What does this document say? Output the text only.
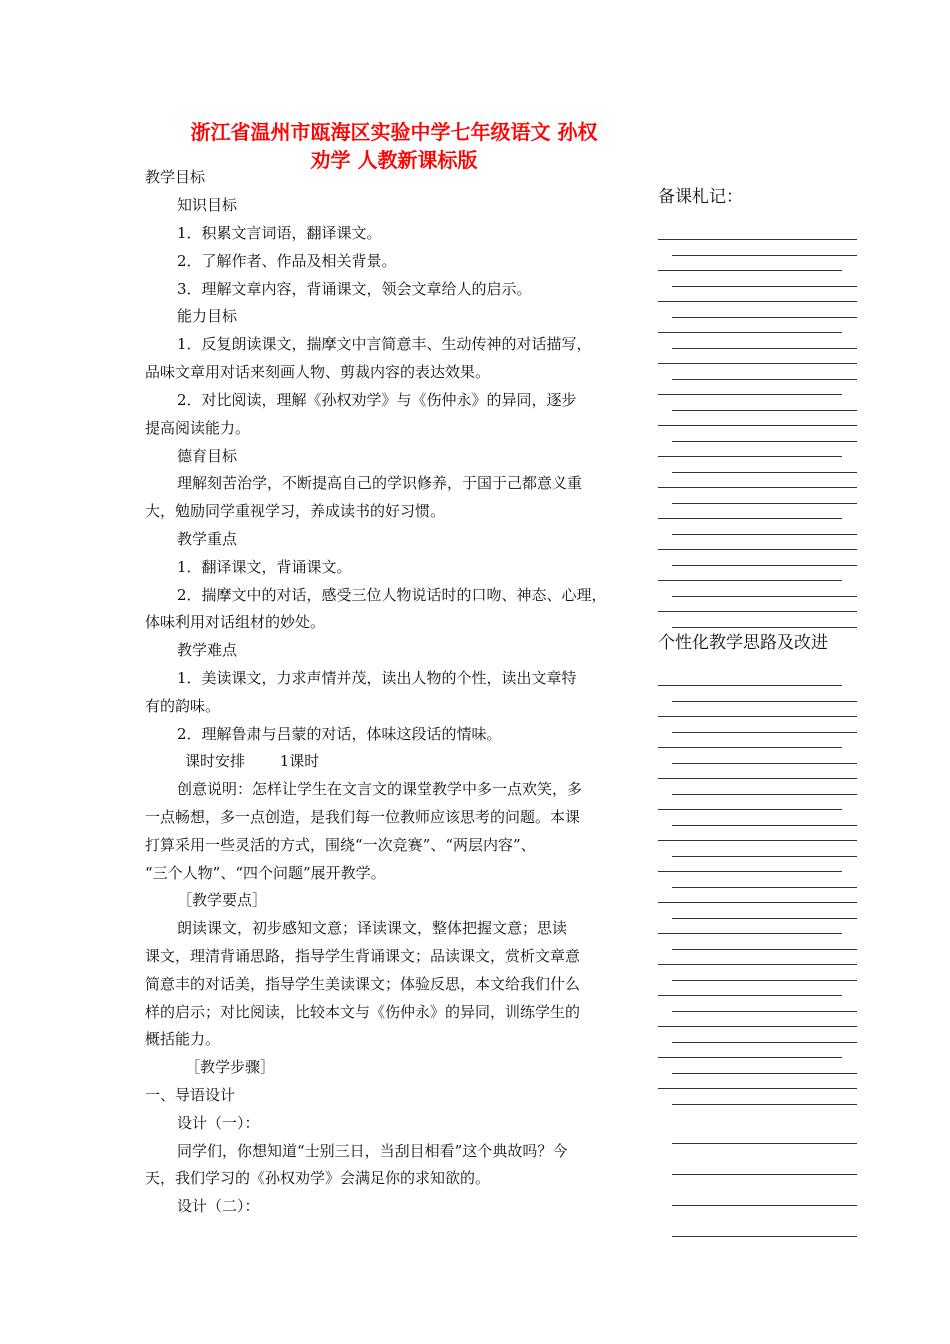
浙江省温州市瓯海区实验中学七年级语文 孙权
劝学 人教新课标版
教学目标
知识目标
1．积累文言词语，翻译课文。
2．了解作者、作品及相关背景。
3．理解文章内容，背诵课文，领会文章给人的启示。
能力目标
1．反复朗读课文，揣摩文中言简意丰、生动传神的对话描写，
品味文章用对话来刻画人物、剪裁内容的表达效果。
2．对比阅读，理解《孙权劝学》与《伤仲永》的异同，逐步
提高阅读能力。
德育目标
理解刻苦治学，不断提高自己的学识修养，于国于己都意义重
大，勉励同学重视学习，养成读书的好习惯。
教学重点
1．翻译课文，背诵课文。
2．揣摩文中的对话，感受三位人物说话时的口吻、神态、心理，
体味利用对话组材的妙处。
教学难点
1．美读课文，力求声情并茂，读出人物的个性，读出文章特
有的韵味。
2．理解鲁肃与吕蒙的对话，体味这段话的情味。
课时安排　　 1课时
创意说明：怎样让学生在文言文的课堂教学中多一点欢笑，多
一点畅想，多一点创造，是我们每一位教师应该思考的问题。本课
打算采用一些灵活的方式，围绕“一次竞赛”、“两层内容”、
“三个人物”、“四个问题”展开教学。
［教学要点］
朗读课文，初步感知文意；译读课文，整体把握文意；思读
课文，理清背诵思路，指导学生背诵课文；品读课文，赏析文章意
简意丰的对话美，指导学生美读课文；体验反思，本文给我们什么
样的启示；对比阅读，比较本文与《伤仲永》的异同，训练学生的
概括能力。
［教学步骤］
一、导语设计
设计（一）：
同学们，你想知道“士别三日，当刮目相看”这个典故吗？今
天，我们学习的《孙权劝学》会满足你的求知欲的。
设计（二）：
备课札记：
个性化教学思路及改进
